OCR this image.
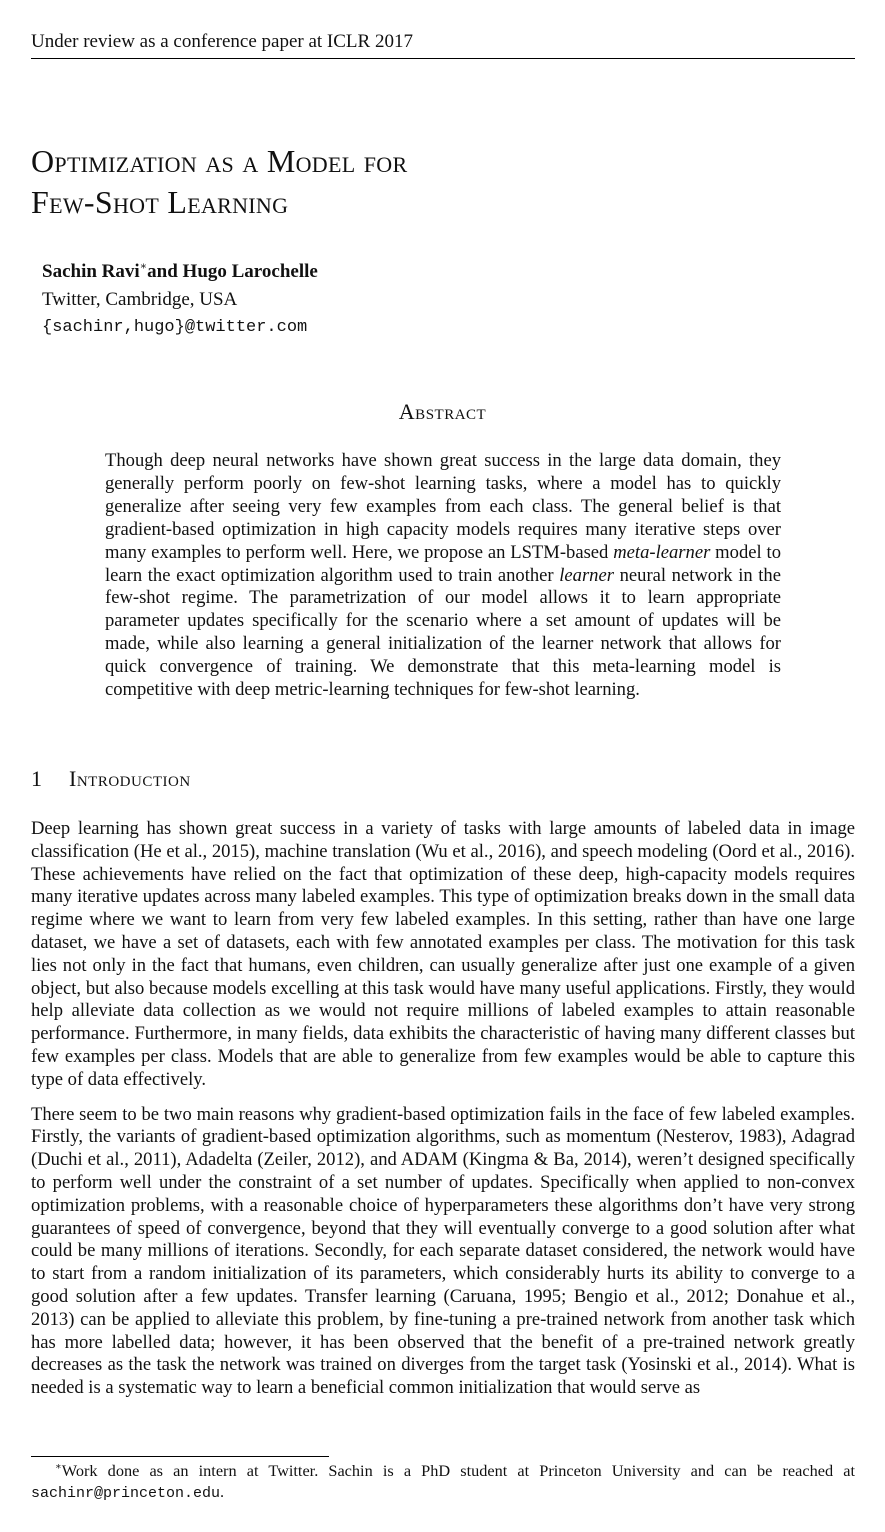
Under review as a conference paper at ICLR 2017
Optimization as a Model for
Few-Shot Learning
Sachin Ravi∗and Hugo Larochelle
Twitter, Cambridge, USA
{sachinr,hugo}@twitter.com
Abstract
Though deep neural networks have shown great success in the large data domain, they generally perform poorly on few-shot learning tasks, where a model has to quickly generalize after seeing very few examples from each class. The general belief is that gradient-based optimization in high capacity models requires many iterative steps over many examples to perform well. Here, we propose an LSTM-based meta-learner model to learn the exact optimization algorithm used to train another learner neural network in the few-shot regime. The parametrization of our model allows it to learn appropriate parameter updates specifically for the scenario where a set amount of updates will be made, while also learning a general initialization of the learner network that allows for quick convergence of training. We demonstrate that this meta-learning model is competitive with deep metric-learning techniques for few-shot learning.
1 Introduction

Deep learning has shown great success in a variety of tasks with large amounts of labeled data in image classification (He et al., 2015), machine translation (Wu et al., 2016), and speech modeling (Oord et al., 2016). These achievements have relied on the fact that optimization of these deep, high-capacity models requires many iterative updates across many labeled examples. This type of optimization breaks down in the small data regime where we want to learn from very few labeled examples. In this setting, rather than have one large dataset, we have a set of datasets, each with few annotated examples per class. The motivation for this task lies not only in the fact that humans, even children, can usually generalize after just one example of a given object, but also because models excelling at this task would have many useful applications. Firstly, they would help alleviate data collection as we would not require millions of labeled examples to attain reasonable performance. Furthermore, in many fields, data exhibits the characteristic of having many different classes but few examples per class. Models that are able to generalize from few examples would be able to capture this type of data effectively.

There seem to be two main reasons why gradient-based optimization fails in the face of few labeled examples. Firstly, the variants of gradient-based optimization algorithms, such as momentum (Nesterov, 1983), Adagrad (Duchi et al., 2011), Adadelta (Zeiler, 2012), and ADAM (Kingma & Ba, 2014), weren’t designed specifically to perform well under the constraint of a set number of updates. Specifically when applied to non-convex optimization problems, with a reasonable choice of hyperparameters these algorithms don’t have very strong guarantees of speed of convergence, beyond that they will eventually converge to a good solution after what could be many millions of iterations. Secondly, for each separate dataset considered, the network would have to start from a random initialization of its parameters, which considerably hurts its ability to converge to a good solution after a few updates. Transfer learning (Caruana, 1995; Bengio et al., 2012; Donahue et al., 2013) can be applied to alleviate this problem, by fine-tuning a pre-trained network from another task which has more labelled data; however, it has been observed that the benefit of a pre-trained network greatly decreases as the task the network was trained on diverges from the target task (Yosinski et al., 2014). What is needed is a systematic way to learn a beneficial common initialization that would serve as

∗Work done as an intern at Twitter. Sachin is a PhD student at Princeton University and can be reached at sachinr@princeton.edu.
